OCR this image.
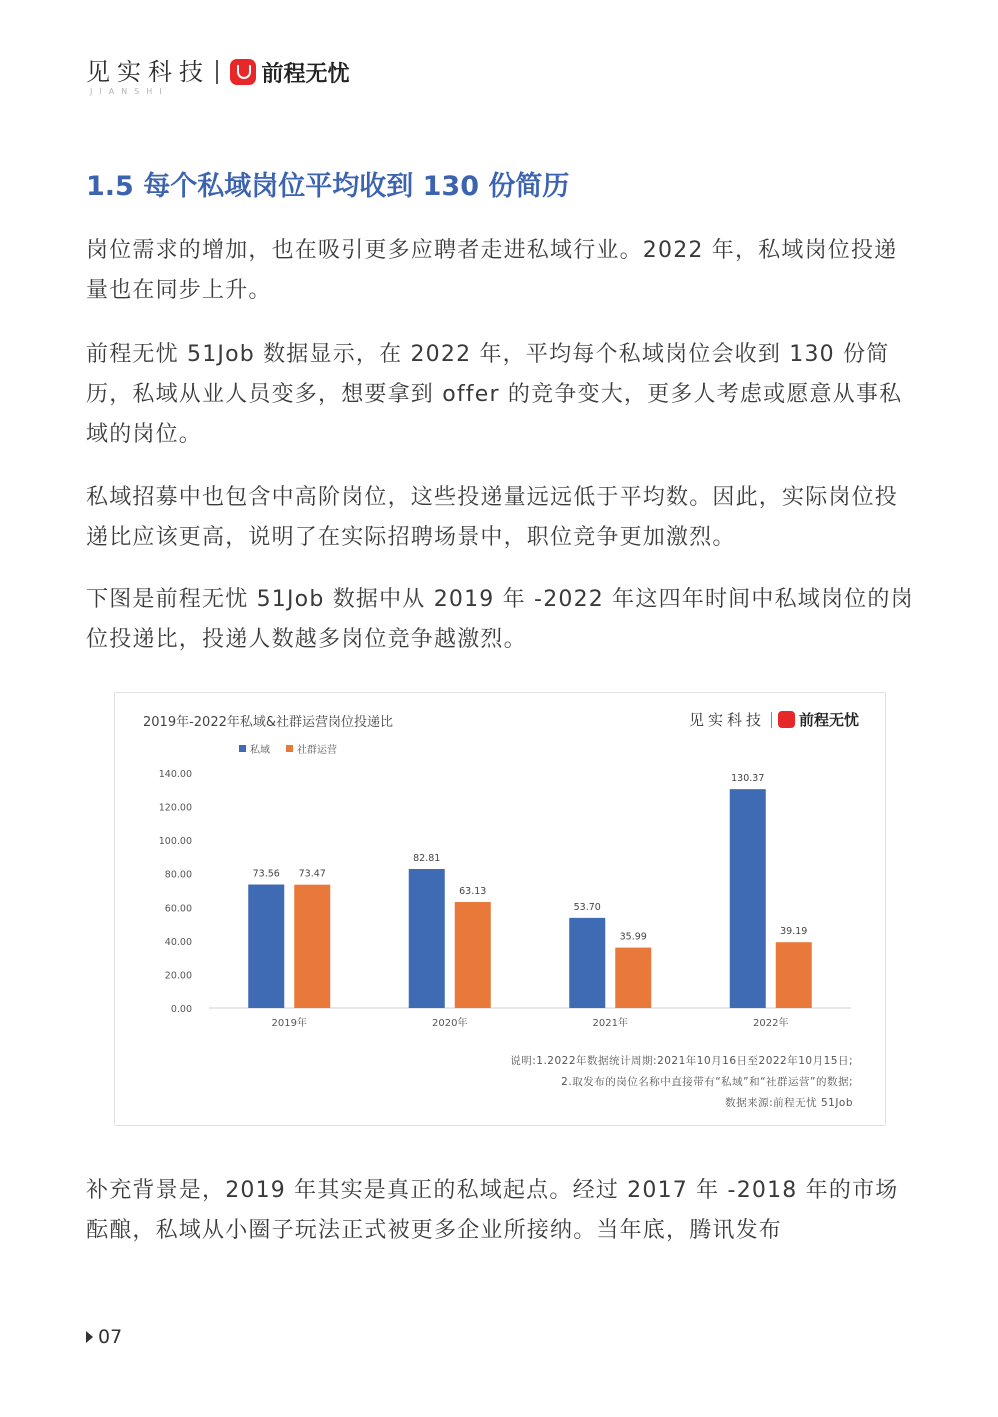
见实科技
JIANSHI
前程无忧
1.5 每个私域岗位平均收到 130 份简历

岗位需求的增加，也在吸引更多应聘者走进私域行业。2022 年，私域岗位投递量也在同步上升。

前程无忧 51Job 数据显示，在 2022 年，平均每个私域岗位会收到 130 份简历，私域从业人员变多，想要拿到 offer 的竞争变大，更多人考虑或愿意从事私域的岗位。

私域招募中也包含中高阶岗位，这些投递量远远低于平均数。因此，实际岗位投递比应该更高，说明了在实际招聘场景中，职位竞争更加激烈。

下图是前程无忧 51Job 数据中从 2019 年 -2022 年这四年时间中私域岗位的岗位投递比，投递人数越多岗位竞争越激烈。

2019年-2022年私域&社群运营岗位投递比	见实科技 前程无忧
私域	社群运营
0.00
20.00
40.00
60.00
80.00
100.00
120.00
140.00
73.56 73.47
2019年
82.81
63.13
2020年
53.70
35.99
2021年
130.37
39.19
2022年
说明:1.2022年数据统计周期:2021年10月16日至2022年10月15日;
2.取发布的岗位名称中直接带有“私域”和“社群运营”的数据;
数据来源:前程无忧 51Job

补充背景是，2019 年其实是真正的私域起点。经过 2017 年 -2018 年的市场酝酿，私域从小圈子玩法正式被更多企业所接纳。当年底，腾讯发布

07
